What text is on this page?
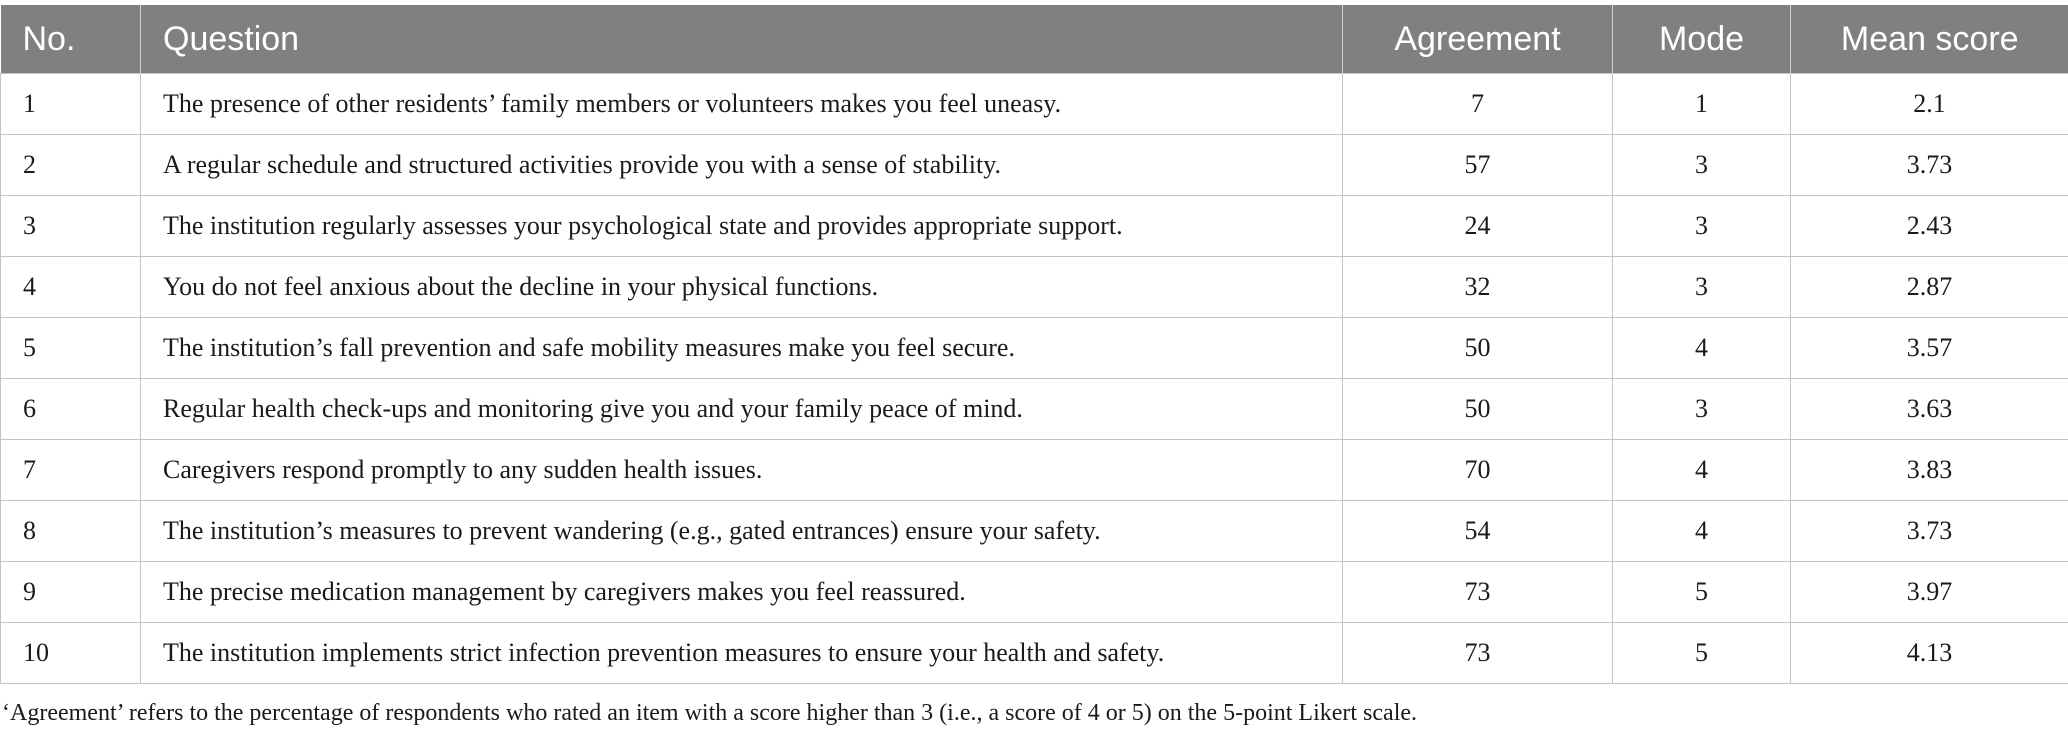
No.	Question	Agreement	Mode	Mean score
1	The presence of other residents’ family members or volunteers makes you feel uneasy.	7	1	2.1
2	A regular schedule and structured activities provide you with a sense of stability.	57	3	3.73
3	The institution regularly assesses your psychological state and provides appropriate support.	24	3	2.43
4	You do not feel anxious about the decline in your physical functions.	32	3	2.87
5	The institution’s fall prevention and safe mobility measures make you feel secure.	50	4	3.57
6	Regular health check-ups and monitoring give you and your family peace of mind.	50	3	3.63
7	Caregivers respond promptly to any sudden health issues.	70	4	3.83
8	The institution’s measures to prevent wandering (e.g., gated entrances) ensure your safety.	54	4	3.73
9	The precise medication management by caregivers makes you feel reassured.	73	5	3.97
10	The institution implements strict infection prevention measures to ensure your health and safety.	73	5	4.13
‘Agreement’ refers to the percentage of respondents who rated an item with a score higher than 3 (i.e., a score of 4 or 5) on the 5-point Likert scale.
